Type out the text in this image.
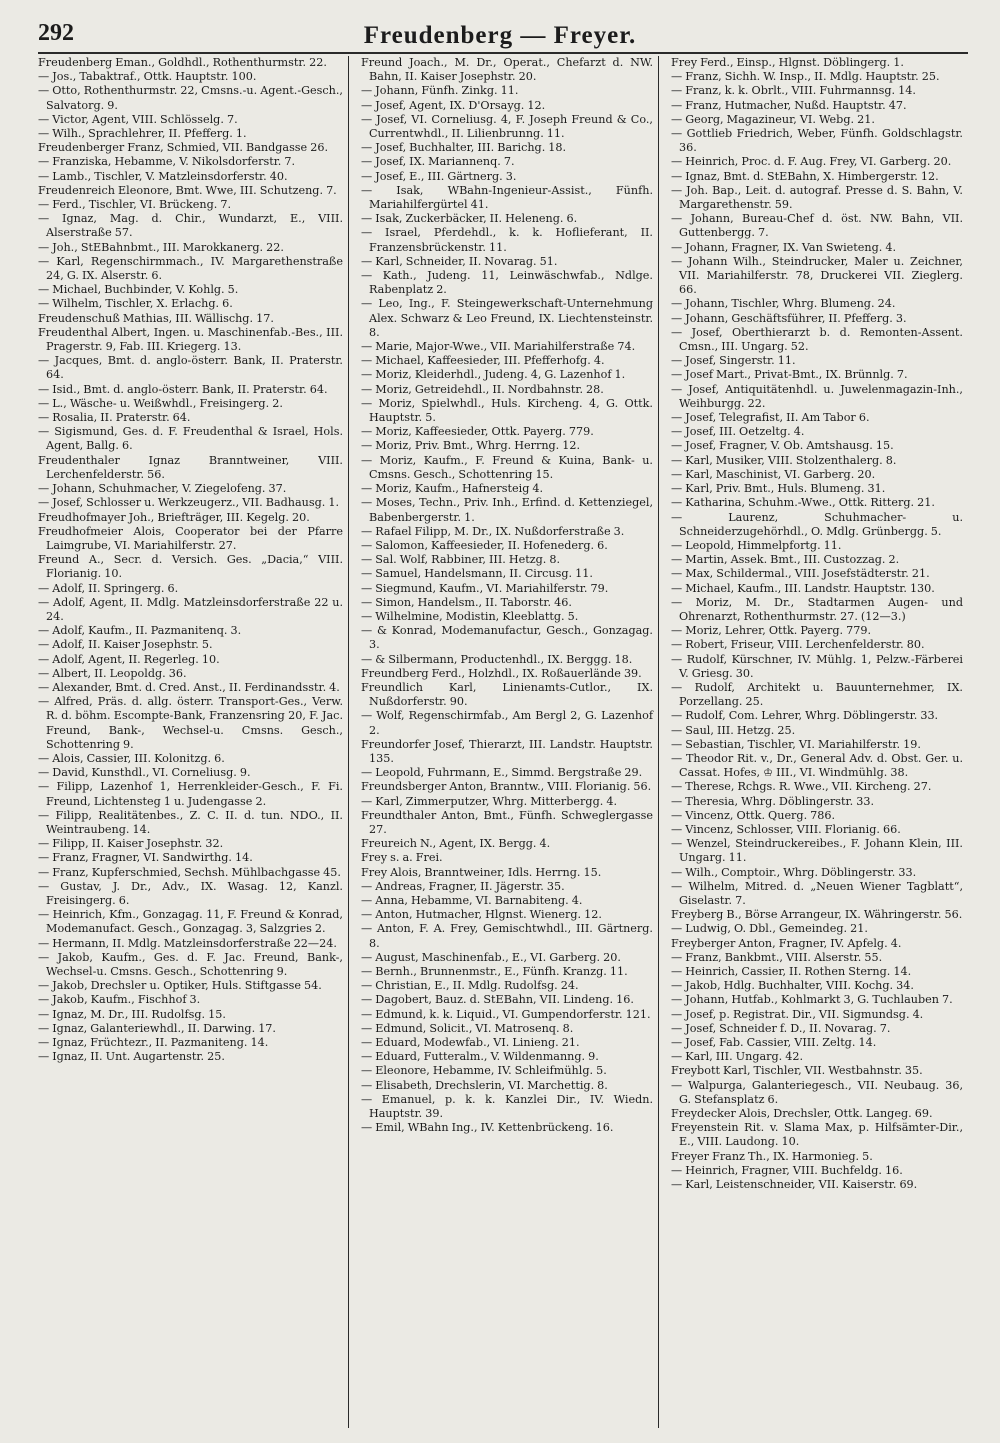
292	Freudenberg — Freyer.
Freudenberg Eman., Goldhdl., Rothenthurmstr. 22.
— Jos., Tabaktraf., Ottk. Hauptstr. 100.
— Otto, Rothenthurmstr. 22, Cmsns.-u. Agent.-Gesch., Salvatorg. 9.
— Victor, Agent, VIII. Schlösselg. 7.
— Wilh., Sprachlehrer, II. Pfefferg. 1.
Freudenberger Franz, Schmied, VII. Bandgasse 26.
— Franziska, Hebamme, V. Nikolsdorferstr. 7.
— Lamb., Tischler, V. Matzleinsdorferstr. 40.
Freudenreich Eleonore, Bmt. Wwe, III. Schutzeng. 7.
— Ferd., Tischler, VI. Brückeng. 7.
— Ignaz, Mag. d. Chir., Wundarzt, E., VIII. Alserstraße 57.
— Joh., StEBahnbmt., III. Marokkanerg. 22.
— Karl, Regenschirmmach., IV. Margarethenstraße 24, G. IX. Alserstr. 6.
— Michael, Buchbinder, V. Kohlg. 5.
— Wilhelm, Tischler, X. Erlachg. 6.
Freudenschuß Mathias, III. Wällischg. 17.
Freudenthal Albert, Ingen. u. Maschinenfab.-Bes., III. Pragerstr. 9, Fab. III. Kriegerg. 13.
— Jacques, Bmt. d. anglo-österr. Bank, II. Praterstr. 64.
— Isid., Bmt. d. anglo-österr. Bank, II. Praterstr. 64.
— L., Wäsche- u. Weißwhdl., Freisingerg. 2.
— Rosalia, II. Praterstr. 64.
— Sigismund, Ges. d. F. Freudenthal & Israel, Hols. Agent, Ballg. 6.
Freudenthaler Ignaz Branntweiner, VIII. Lerchenfelderstr. 56.
— Johann, Schuhmacher, V. Ziegelofeng. 37.
— Josef, Schlosser u. Werkzeugerz., VII. Badhausg. 1.
Freudhofmayer Joh., Briefträger, III. Kegelg. 20.
Freudhofmeier Alois, Cooperator bei der Pfarre Laimgrube, VI. Mariahilferstr. 27.
Freund A., Secr. d. Versich. Ges. „Dacia,“ VIII. Florianig. 10.
— Adolf, II. Springerg. 6.
— Adolf, Agent, II. Mdlg. Matzleinsdorferstraße 22 u. 24.
— Adolf, Kaufm., II. Pazmanitenq. 3.
— Adolf, II. Kaiser Josephstr. 5.
— Adolf, Agent, II. Regerleg. 10.
— Albert, II. Leopoldg. 36.
— Alexander, Bmt. d. Cred. Anst., II. Ferdinandsstr. 4.
— Alfred, Präs. d. allg. österr. Transport-Ges., Verw. R. d. böhm. Escompte-Bank, Franzensring 20, F. Jac. Freund, Bank-, Wechsel-u. Cmsns. Gesch., Schottenring 9.
— Alois, Cassier, III. Kolonitzg. 6.
— David, Kunsthdl., VI. Corneliusg. 9.
— Filipp, Lazenhof 1, Herrenkleider-Gesch., F. Fi. Freund, Lichtensteg 1 u. Judengasse 2.
— Filipp, Realitätenbes., Z. C. II. d. tun. NDO., II. Weintraubeng. 14.
— Filipp, II. Kaiser Josephstr. 32.
— Franz, Fragner, VI. Sandwirthg. 14.
— Franz, Kupferschmied, Sechsh. Mühlbachgasse 45.
— Gustav, J. Dr., Adv., IX. Wasag. 12, Kanzl. Freisingerg. 6.
— Heinrich, Kfm., Gonzagag. 11, F. Freund & Konrad, Modemanufact. Gesch., Gonzagag. 3, Salzgries 2.
— Hermann, II. Mdlg. Matzleinsdorferstraße 22—24.
— Jakob, Kaufm., Ges. d. F. Jac. Freund, Bank-, Wechsel-u. Cmsns. Gesch., Schottenring 9.
— Jakob, Drechsler u. Optiker, Huls. Stiftgasse 54.
— Jakob, Kaufm., Fischhof 3.
— Ignaz, M. Dr., III. Rudolfsg. 15.
— Ignaz, Galanteriewhdl., II. Darwing. 17.
— Ignaz, Früchtezr., II. Pazmaniteng. 14.
— Ignaz, II. Unt. Augartenstr. 25.
Freund Joach., M. Dr., Operat., Chefarzt d. NW. Bahn, II. Kaiser Josephstr. 20.
— Johann, Fünfh. Zinkg. 11.
— Josef, Agent, IX. D'Orsayg. 12.
— Josef, VI. Corneliusg. 4, F. Joseph Freund & Co., Currentwhdl., II. Lilienbrunng. 11.
— Josef, Buchhalter, III. Barichg. 18.
— Josef, IX. Mariannenq. 7.
— Josef, E., III. Gärtnerg. 3.
— Isak, WBahn-Ingenieur-Assist., Fünfh. Mariahilfergürtel 41.
— Isak, Zuckerbäcker, II. Heleneng. 6.
— Israel, Pferdehdl., k. k. Hoflieferant, II. Franzensbrückenstr. 11.
— Karl, Schneider, II. Novarag. 51.
— Kath., Judeng. 11, Leinwäschwfab., Ndlge. Rabenplatz 2.
— Leo, Ing., F. Steingewerkschaft-Unternehmung Alex. Schwarz & Leo Freund, IX. Liechtensteinstr. 8.
— Marie, Major-Wwe., VII. Mariahilferstraße 74.
— Michael, Kaffeesieder, III. Pfefferhofg. 4.
— Moriz, Kleiderhdl., Judeng. 4, G. Lazenhof 1.
— Moriz, Getreidehdl., II. Nordbahnstr. 28.
— Moriz, Spielwhdl., Huls. Kircheng. 4, G. Ottk. Hauptstr. 5.
— Moriz, Kaffeesieder, Ottk. Payerg. 779.
— Moriz, Priv. Bmt., Whrg. Herrng. 12.
— Moriz, Kaufm., F. Freund & Kuina, Bank- u. Cmsns. Gesch., Schottenring 15.
— Moriz, Kaufm., Hafnersteig 4.
— Moses, Techn., Priv. Inh., Erfind. d. Kettenziegel, Babenbergerstr. 1.
— Rafael Filipp, M. Dr., IX. Nußdorferstraße 3.
— Salomon, Kaffeesieder, II. Hofenederg. 6.
— Sal. Wolf, Rabbiner, III. Hetzg. 8.
— Samuel, Handelsmann, II. Circusg. 11.
— Siegmund, Kaufm., VI. Mariahilferstr. 79.
— Simon, Handelsm., II. Taborstr. 46.
— Wilhelmine, Modistin, Kleeblattg. 5.
— & Konrad, Modemanufactur, Gesch., Gonzagag. 3.
— & Silbermann, Productenhdl., IX. Berggg. 18.
Freundberg Ferd., Holzhdl., IX. Roßauerlände 39.
Freundlich Karl, Linienamts-Cutlor., IX. Nußdorferstr. 90.
— Wolf, Regenschirmfab., Am Bergl 2, G. Lazenhof 2.
Freundorfer Josef, Thierarzt, III. Landstr. Hauptstr. 135.
— Leopold, Fuhrmann, E., Simmd. Bergstraße 29.
Freundsberger Anton, Branntw., VIII. Florianig. 56.
— Karl, Zimmerputzer, Whrg. Mitterbergg. 4.
Freundthaler Anton, Bmt., Fünfh. Schweglergasse 27.
Freureich N., Agent, IX. Bergg. 4.
Frey s. a. Frei.
Frey Alois, Branntweiner, Idls. Herrng. 15.
— Andreas, Fragner, II. Jägerstr. 35.
— Anna, Hebamme, VI. Barnabiteng. 4.
— Anton, Hutmacher, Hlgnst. Wienerg. 12.
— Anton, F. A. Frey, Gemischtwhdl., III. Gärtnerg. 8.
— August, Maschinenfab., E., VI. Garberg. 20.
— Bernh., Brunnenmstr., E., Fünfh. Kranzg. 11.
— Christian, E., II. Mdlg. Rudolfsg. 24.
— Dagobert, Bauz. d. StEBahn, VII. Lindeng. 16.
— Edmund, k. k. Liquid., VI. Gumpendorferstr. 121.
— Edmund, Solicit., VI. Matrosenq. 8.
— Eduard, Modewfab., VI. Linieng. 21.
— Eduard, Futteralm., V. Wildenmanng. 9.
— Eleonore, Hebamme, IV. Schleifmühlg. 5.
— Elisabeth, Drechslerin, VI. Marchettig. 8.
— Emanuel, p. k. k. Kanzlei Dir., IV. Wiedn. Hauptstr. 39.
— Emil, WBahn Ing., IV. Kettenbrückeng. 16.
Frey Ferd., Einsp., Hlgnst. Döblingerg. 1.
— Franz, Sichh. W. Insp., II. Mdlg. Hauptstr. 25.
— Franz, k. k. Obrlt., VIII. Fuhrmannsg. 14.
— Franz, Hutmacher, Nußd. Hauptstr. 47.
— Georg, Magazineur, VI. Webg. 21.
— Gottlieb Friedrich, Weber, Fünfh. Goldschlagstr. 36.
— Heinrich, Proc. d. F. Aug. Frey, VI. Garberg. 20.
— Ignaz, Bmt. d. StEBahn, X. Himbergerstr. 12.
— Joh. Bap., Leit. d. autograf. Presse d. S. Bahn, V. Margarethenstr. 59.
— Johann, Bureau-Chef d. öst. NW. Bahn, VII. Guttenbergg. 7.
— Johann, Fragner, IX. Van Swieteng. 4.
— Johann Wilh., Steindrucker, Maler u. Zeichner, VII. Mariahilferstr. 78, Druckerei VII. Zieglerg. 66.
— Johann, Tischler, Whrg. Blumeng. 24.
— Johann, Geschäftsführer, II. Pfefferg. 3.
— Josef, Oberthierarzt b. d. Remonten-Assent. Cmsn., III. Ungarg. 52.
— Josef, Singerstr. 11.
— Josef Mart., Privat-Bmt., IX. Brünnlg. 7.
— Josef, Antiquitätenhdl. u. Juwelenmagazin-Inh., Weihburgg. 22.
— Josef, Telegrafist, II. Am Tabor 6.
— Josef, III. Oetzeltg. 4.
— Josef, Fragner, V. Ob. Amtshausg. 15.
— Karl, Musiker, VIII. Stolzenthalerg. 8.
— Karl, Maschinist, VI. Garberg. 20.
— Karl, Priv. Bmt., Huls. Blumeng. 31.
— Katharina, Schuhm.-Wwe., Ottk. Ritterg. 21.
— Laurenz, Schuhmacher- u. Schneiderzugehörhdl., O. Mdlg. Grünbergg. 5.
— Leopold, Himmelpfortg. 11.
— Martin, Assek. Bmt., III. Custozzag. 2.
— Max, Schildermal., VIII. Josefstädterstr. 21.
— Michael, Kaufm., III. Landstr. Hauptstr. 130.
— Moriz, M. Dr., Stadtarmen Augen- und Ohrenarzt, Rothenthurmstr. 27. (12—3.)
— Moriz, Lehrer, Ottk. Payerg. 779.
— Robert, Friseur, VIII. Lerchenfelderstr. 80.
— Rudolf, Kürschner, IV. Mühlg. 1, Pelzw.-Färberei V. Griesg. 30.
— Rudolf, Architekt u. Bauunternehmer, IX. Porzellang. 25.
— Rudolf, Com. Lehrer, Whrg. Döblingerstr. 33.
— Saul, III. Hetzg. 25.
— Sebastian, Tischler, VI. Mariahilferstr. 19.
— Theodor Rit. v., Dr., General Adv. d. Obst. Ger. u. Cassat. Hofes, ♔ III., VI. Windmühlg. 38.
— Therese, Rchgs. R. Wwe., VII. Kircheng. 27.
— Theresia, Whrg. Döblingerstr. 33.
— Vincenz, Ottk. Querg. 786.
— Vincenz, Schlosser, VIII. Florianig. 66.
— Wenzel, Steindruckereibes., F. Johann Klein, III. Ungarg. 11.
— Wilh., Comptoir., Whrg. Döblingerstr. 33.
— Wilhelm, Mitred. d. „Neuen Wiener Tagblatt“, Giselastr. 7.
Freyberg B., Börse Arrangeur, IX. Währingerstr. 56.
— Ludwig, O. Dbl., Gemeindeg. 21.
Freyberger Anton, Fragner, IV. Apfelg. 4.
— Franz, Bankbmt., VIII. Alserstr. 55.
— Heinrich, Cassier, II. Rothen Sterng. 14.
— Jakob, Hdlg. Buchhalter, VIII. Kochg. 34.
— Johann, Hutfab., Kohlmarkt 3, G. Tuchlauben 7.
— Josef, p. Registrat. Dir., VII. Sigmundsg. 4.
— Josef, Schneider f. D., II. Novarag. 7.
— Josef, Fab. Cassier, VIII. Zeltg. 14.
— Karl, III. Ungarg. 42.
Freybott Karl, Tischler, VII. Westbahnstr. 35.
— Walpurga, Galanteriegesch., VII. Neubaug. 36, G. Stefansplatz 6.
Freydecker Alois, Drechsler, Ottk. Langeg. 69.
Freyenstein Rit. v. Slama Max, p. Hilfsämter-Dir., E., VIII. Laudong. 10.
Freyer Franz Th., IX. Harmonieg. 5.
— Heinrich, Fragner, VIII. Buchfeldg. 16.
— Karl, Leistenschneider, VII. Kaiserstr. 69.
